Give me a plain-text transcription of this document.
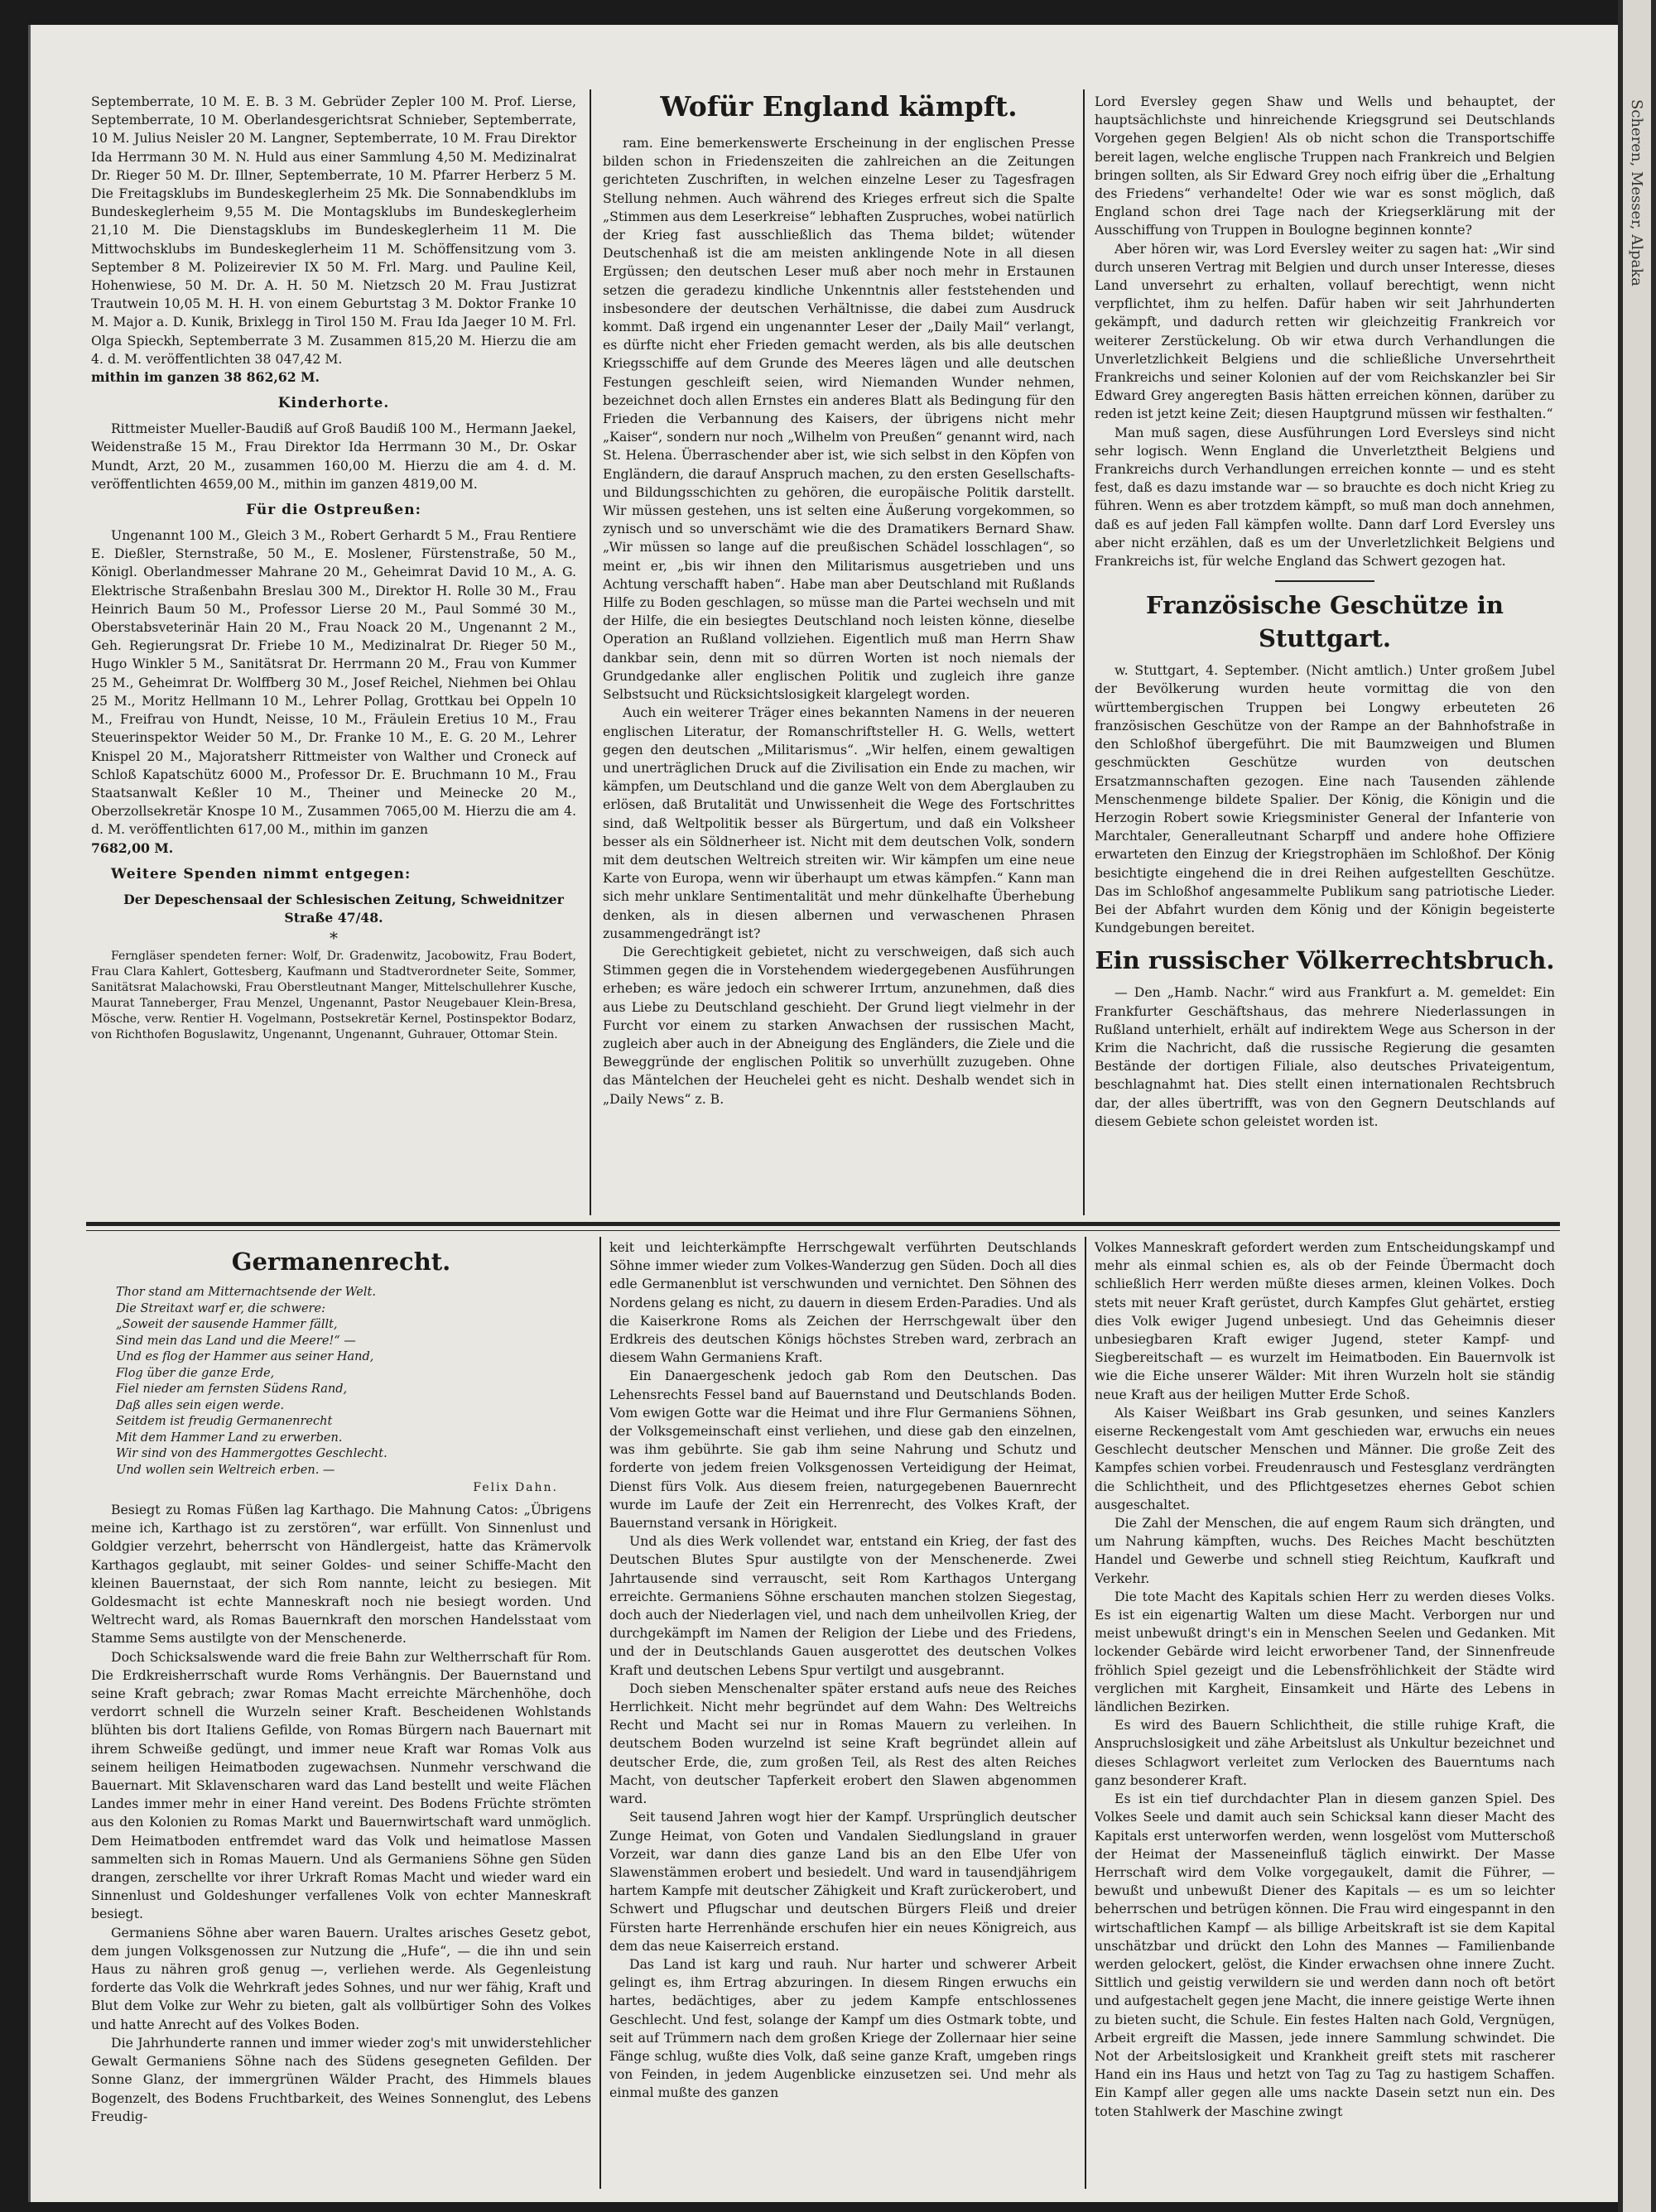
Scheren, Messer, Alpaka

Septemberrate, 10 M. E. B. 3 M. Gebrüder Zepler 100 M. Prof. Lierse, Septemberrate, 10 M. Oberlandesgerichtsrat Schnieber, Septemberrate, 10 M. Julius Neisler 20 M. Langner, Septemberrate, 10 M. Frau Direktor Ida Herrmann 30 M. N. Huld aus einer Sammlung 4,50 M. Medizinalrat Dr. Rieger 50 M. Dr. Illner, Septemberrate, 10 M. Pfarrer Herberz 5 M. Die Freitagsklubs im Bundeskeglerheim 25 Mk. Die Sonnabendklubs im Bundeskeglerheim 9,55 M. Die Montagsklubs im Bundeskeglerheim 21,10 M. Die Dienstagsklubs im Bundeskeglerheim 11 M. Die Mittwochsklubs im Bundeskeglerheim 11 M. Schöffensitzung vom 3. September 8 M. Polizeirevier IX 50 M. Frl. Marg. und Pauline Keil, Hohenwiese, 50 M. Dr. A. H. 50 M. Nietzsch 20 M. Frau Justizrat Trautwein 10,05 M. H. H. von einem Geburtstag 3 M. Doktor Franke 10 M. Major a. D. Kunik, Brixlegg in Tirol 150 M. Frau Ida Jaeger 10 M. Frl. Olga Spieckh, Septemberrate 3 M. Zusammen 815,20 M. Hierzu die am 4. d. M. veröffentlichten 38 047,42 M.

mithin im ganzen 38 862,62 M.

Kinderhorte.

Rittmeister Mueller-Baudiß auf Groß Baudiß 100 M., Hermann Jaekel, Weidenstraße 15 M., Frau Direktor Ida Herrmann 30 M., Dr. Oskar Mundt, Arzt, 20 M., zusammen 160,00 M. Hierzu die am 4. d. M. veröffentlichten 4659,00 M., mithin im ganzen 4819,00 M.

Für die Ostpreußen:

Ungenannt 100 M., Gleich 3 M., Robert Gerhardt 5 M., Frau Rentiere E. Dießler, Sternstraße, 50 M., E. Moslener, Fürstenstraße, 50 M., Königl. Oberlandmesser Mahrane 20 M., Geheimrat David 10 M., A. G. Elektrische Straßenbahn Breslau 300 M., Direktor H. Rolle 30 M., Frau Heinrich Baum 50 M., Professor Lierse 20 M., Paul Sommé 30 M., Oberstabsveterinär Hain 20 M., Frau Noack 20 M., Ungenannt 2 M., Geh. Regierungsrat Dr. Friebe 10 M., Medizinalrat Dr. Rieger 50 M., Hugo Winkler 5 M., Sanitätsrat Dr. Herrmann 20 M., Frau von Kummer 25 M., Geheimrat Dr. Wolffberg 30 M., Josef Reichel, Niehmen bei Ohlau 25 M., Moritz Hellmann 10 M., Lehrer Pollag, Grottkau bei Oppeln 10 M., Freifrau von Hundt, Neisse, 10 M., Fräulein Eretius 10 M., Frau Steuerinspektor Weider 50 M., Dr. Franke 10 M., E. G. 20 M., Lehrer Knispel 20 M., Majoratsherr Rittmeister von Walther und Croneck auf Schloß Kapatschütz 6000 M., Professor Dr. E. Bruchmann 10 M., Frau Staatsanwalt Keßler 10 M., Theiner und Meinecke 20 M., Oberzollsekretär Knospe 10 M., Zusammen 7065,00 M. Hierzu die am 4. d. M. veröffentlichten 617,00 M., mithin im ganzen

7682,00 M.

Weitere Spenden nimmt entgegen:

Der Depeschensaal der Schlesischen Zeitung, Schweidnitzer Straße 47/48.

*

Ferngläser spendeten ferner: Wolf, Dr. Gradenwitz, Jacobowitz, Frau Bodert, Frau Clara Kahlert, Gottesberg, Kaufmann und Stadtverordneter Seite, Sommer, Sanitätsrat Malachowski, Frau Oberstleutnant Manger, Mittelschullehrer Kusche, Maurat Tanneberger, Frau Menzel, Ungenannt, Pastor Neugebauer Klein-Bresa, Mösche, verw. Rentier H. Vogelmann, Postsekretär Kernel, Postinspektor Bodarz, von Richthofen Boguslawitz, Ungenannt, Ungenannt, Guhrauer, Ottomar Stein.

Wofür England kämpft.

ram. Eine bemerkenswerte Erscheinung in der englischen Presse bilden schon in Friedenszeiten die zahlreichen an die Zeitungen gerichteten Zuschriften, in welchen einzelne Leser zu Tagesfragen Stellung nehmen. Auch während des Krieges erfreut sich die Spalte „Stimmen aus dem Leserkreise“ lebhaften Zuspruches, wobei natürlich der Krieg fast ausschließlich das Thema bildet; wütender Deutschenhaß ist die am meisten anklingende Note in all diesen Ergüssen; den deutschen Leser muß aber noch mehr in Erstaunen setzen die geradezu kindliche Unkenntnis aller feststehenden und insbesondere der deutschen Verhältnisse, die dabei zum Ausdruck kommt. Daß irgend ein ungenannter Leser der „Daily Mail“ verlangt, es dürfte nicht eher Frieden gemacht werden, als bis alle deutschen Kriegsschiffe auf dem Grunde des Meeres lägen und alle deutschen Festungen geschleift seien, wird Niemanden Wunder nehmen, bezeichnet doch allen Ernstes ein anderes Blatt als Bedingung für den Frieden die Verbannung des Kaisers, der übrigens nicht mehr „Kaiser“, sondern nur noch „Wilhelm von Preußen“ genannt wird, nach St. Helena. Überraschender aber ist, wie sich selbst in den Köpfen von Engländern, die darauf Anspruch machen, zu den ersten Gesellschafts- und Bildungsschichten zu gehören, die europäische Politik darstellt. Wir müssen gestehen, uns ist selten eine Äußerung vorgekommen, so zynisch und so unverschämt wie die des Dramatikers Bernard Shaw. „Wir müssen so lange auf die preußischen Schädel losschlagen“, so meint er, „bis wir ihnen den Militarismus ausgetrieben und uns Achtung verschafft haben“. Habe man aber Deutschland mit Rußlands Hilfe zu Boden geschlagen, so müsse man die Partei wechseln und mit der Hilfe, die ein besiegtes Deutschland noch leisten könne, dieselbe Operation an Rußland vollziehen. Eigentlich muß man Herrn Shaw dankbar sein, denn mit so dürren Worten ist noch niemals der Grundgedanke aller englischen Politik und zugleich ihre ganze Selbstsucht und Rücksichtslosigkeit klargelegt worden.

Auch ein weiterer Träger eines bekannten Namens in der neueren englischen Literatur, der Romanschriftsteller H. G. Wells, wettert gegen den deutschen „Militarismus“. „Wir helfen, einem gewaltigen und unerträglichen Druck auf die Zivilisation ein Ende zu machen, wir kämpfen, um Deutschland und die ganze Welt von dem Aberglauben zu erlösen, daß Brutalität und Unwissenheit die Wege des Fortschrittes sind, daß Weltpolitik besser als Bürgertum, und daß ein Volksheer besser als ein Söldnerheer ist. Nicht mit dem deutschen Volk, sondern mit dem deutschen Weltreich streiten wir. Wir kämpfen um eine neue Karte von Europa, wenn wir überhaupt um etwas kämpfen.“ Kann man sich mehr unklare Sentimentalität und mehr dünkelhafte Überhebung denken, als in diesen albernen und verwaschenen Phrasen zusammengedrängt ist?

Die Gerechtigkeit gebietet, nicht zu verschweigen, daß sich auch Stimmen gegen die in Vorstehendem wiedergegebenen Ausführungen erheben; es wäre jedoch ein schwerer Irrtum, anzunehmen, daß dies aus Liebe zu Deutschland geschieht. Der Grund liegt vielmehr in der Furcht vor einem zu starken Anwachsen der russischen Macht, zugleich aber auch in der Abneigung des Engländers, die Ziele und die Beweggründe der englischen Politik so unverhüllt zuzugeben. Ohne das Mäntelchen der Heuchelei geht es nicht. Deshalb wendet sich in „Daily News“ z. B.

Lord Eversley gegen Shaw und Wells und behauptet, der hauptsächlichste und hinreichende Kriegsgrund sei Deutschlands Vorgehen gegen Belgien! Als ob nicht schon die Transportschiffe bereit lagen, welche englische Truppen nach Frankreich und Belgien bringen sollten, als Sir Edward Grey noch eifrig über die „Erhaltung des Friedens“ verhandelte! Oder wie war es sonst möglich, daß England schon drei Tage nach der Kriegserklärung mit der Ausschiffung von Truppen in Boulogne beginnen konnte?

Aber hören wir, was Lord Eversley weiter zu sagen hat: „Wir sind durch unseren Vertrag mit Belgien und durch unser Interesse, dieses Land unversehrt zu erhalten, vollauf berechtigt, wenn nicht verpflichtet, ihm zu helfen. Dafür haben wir seit Jahrhunderten gekämpft, und dadurch retten wir gleichzeitig Frankreich vor weiterer Zerstückelung. Ob wir etwa durch Verhandlungen die Unverletzlichkeit Belgiens und die schließliche Unversehrtheit Frankreichs und seiner Kolonien auf der vom Reichskanzler bei Sir Edward Grey angeregten Basis hätten erreichen können, darüber zu reden ist jetzt keine Zeit; diesen Hauptgrund müssen wir festhalten.“

Man muß sagen, diese Ausführungen Lord Eversleys sind nicht sehr logisch. Wenn England die Unverletztheit Belgiens und Frankreichs durch Verhandlungen erreichen konnte — und es steht fest, daß es dazu imstande war — so brauchte es doch nicht Krieg zu führen. Wenn es aber trotzdem kämpft, so muß man doch annehmen, daß es auf jeden Fall kämpfen wollte. Dann darf Lord Eversley uns aber nicht erzählen, daß es um der Unverletzlichkeit Belgiens und Frankreichs ist, für welche England das Schwert gezogen hat.

Französische Geschütze in Stuttgart.

w. Stuttgart, 4. September. (Nicht amtlich.) Unter großem Jubel der Bevölkerung wurden heute vormittag die von den württembergischen Truppen bei Longwy erbeuteten 26 französischen Geschütze von der Rampe an der Bahnhofstraße in den Schloßhof übergeführt. Die mit Baumzweigen und Blumen geschmückten Geschütze wurden von deutschen Ersatzmannschaften gezogen. Eine nach Tausenden zählende Menschenmenge bildete Spalier. Der König, die Königin und die Herzogin Robert sowie Kriegsminister General der Infanterie von Marchtaler, Generalleutnant Scharpff und andere hohe Offiziere erwarteten den Einzug der Kriegstrophäen im Schloßhof. Der König besichtigte eingehend die in drei Reihen aufgestellten Geschütze. Das im Schloßhof angesammelte Publikum sang patriotische Lieder. Bei der Abfahrt wurden dem König und der Königin begeisterte Kundgebungen bereitet.

Ein russischer Völkerrechtsbruch.

— Den „Hamb. Nachr.“ wird aus Frankfurt a. M. gemeldet: Ein Frankfurter Geschäftshaus, das mehrere Niederlassungen in Rußland unterhielt, erhält auf indirektem Wege aus Scherson in der Krim die Nachricht, daß die russische Regierung die gesamten Bestände der dortigen Filiale, also deutsches Privateigentum, beschlagnahmt hat. Dies stellt einen internationalen Rechtsbruch dar, der alles übertrifft, was von den Gegnern Deutschlands auf diesem Gebiete schon geleistet worden ist.

Germanenrecht.
Thor stand am Mitternachtsende der Welt.
Die Streitaxt warf er, die schwere:
„Soweit der sausende Hammer fällt,
Sind mein das Land und die Meere!“ —
Und es flog der Hammer aus seiner Hand,
Flog über die ganze Erde,
Fiel nieder am fernsten Südens Rand,
Daß alles sein eigen werde.
Seitdem ist freudig Germanenrecht
Mit dem Hammer Land zu erwerben.
Wir sind von des Hammergottes Geschlecht.
Und wollen sein Weltreich erben. —
Felix Dahn.

Besiegt zu Romas Füßen lag Karthago. Die Mahnung Catos: „Übrigens meine ich, Karthago ist zu zerstören“, war erfüllt. Von Sinnenlust und Goldgier verzehrt, beherrscht von Händlergeist, hatte das Krämervolk Karthagos geglaubt, mit seiner Goldes- und seiner Schiffe-Macht den kleinen Bauernstaat, der sich Rom nannte, leicht zu besiegen. Mit Goldesmacht ist echte Manneskraft noch nie besiegt worden. Und Weltrecht ward, als Romas Bauernkraft den morschen Handelsstaat vom Stamme Sems austilgte von der Menschenerde.

Doch Schicksalswende ward die freie Bahn zur Weltherrschaft für Rom. Die Erdkreisherrschaft wurde Roms Verhängnis. Der Bauernstand und seine Kraft gebrach; zwar Romas Macht erreichte Märchenhöhe, doch verdorrt schnell die Wurzeln seiner Kraft. Bescheidenen Wohlstands blühten bis dort Italiens Gefilde, von Romas Bürgern nach Bauernart mit ihrem Schweiße gedüngt, und immer neue Kraft war Romas Volk aus seinem heiligen Heimatboden zugewachsen. Nunmehr verschwand die Bauernart. Mit Sklavenscharen ward das Land bestellt und weite Flächen Landes immer mehr in einer Hand vereint. Des Bodens Früchte strömten aus den Kolonien zu Romas Markt und Bauernwirtschaft ward unmöglich. Dem Heimatboden entfremdet ward das Volk und heimatlose Massen sammelten sich in Romas Mauern. Und als Germaniens Söhne gen Süden drangen, zerschellte vor ihrer Urkraft Romas Macht und wieder ward ein Sinnenlust und Goldeshunger verfallenes Volk von echter Manneskraft besiegt.

Germaniens Söhne aber waren Bauern. Uraltes arisches Gesetz gebot, dem jungen Volksgenossen zur Nutzung die „Hufe“, — die ihn und sein Haus zu nähren groß genug —, verliehen werde. Als Gegenleistung forderte das Volk die Wehrkraft jedes Sohnes, und nur wer fähig, Kraft und Blut dem Volke zur Wehr zu bieten, galt als vollbürtiger Sohn des Volkes und hatte Anrecht auf des Volkes Boden.

Die Jahrhunderte rannen und immer wieder zog's mit unwiderstehlicher Gewalt Germaniens Söhne nach des Südens gesegneten Gefilden. Der Sonne Glanz, der immergrünen Wälder Pracht, des Himmels blaues Bogenzelt, des Bodens Fruchtbarkeit, des Weines Sonnenglut, des Lebens Freudig-

keit und leichterkämpfte Herrschgewalt verführten Deutschlands Söhne immer wieder zum Volkes-Wanderzug gen Süden. Doch all dies edle Germanenblut ist verschwunden und vernichtet. Den Söhnen des Nordens gelang es nicht, zu dauern in diesem Erden-Paradies. Und als die Kaiserkrone Roms als Zeichen der Herrschgewalt über den Erdkreis des deutschen Königs höchstes Streben ward, zerbrach an diesem Wahn Germaniens Kraft.

Ein Danaergeschenk jedoch gab Rom den Deutschen. Das Lehensrechts Fessel band auf Bauernstand und Deutschlands Boden. Vom ewigen Gotte war die Heimat und ihre Flur Germaniens Söhnen, der Volksgemeinschaft einst verliehen, und diese gab den einzelnen, was ihm gebührte. Sie gab ihm seine Nahrung und Schutz und forderte von jedem freien Volksgenossen Verteidigung der Heimat, Dienst fürs Volk. Aus diesem freien, naturgegebenen Bauernrecht wurde im Laufe der Zeit ein Herrenrecht, des Volkes Kraft, der Bauernstand versank in Hörigkeit.

Und als dies Werk vollendet war, entstand ein Krieg, der fast des Deutschen Blutes Spur austilgte von der Menschenerde. Zwei Jahrtausende sind verrauscht, seit Rom Karthagos Untergang erreichte. Germaniens Söhne erschauten manchen stolzen Siegestag, doch auch der Niederlagen viel, und nach dem unheilvollen Krieg, der durchgekämpft im Namen der Religion der Liebe und des Friedens, und der in Deutschlands Gauen ausgerottet des deutschen Volkes Kraft und deutschen Lebens Spur vertilgt und ausgebrannt.

Doch sieben Menschenalter später erstand aufs neue des Reiches Herrlichkeit. Nicht mehr begründet auf dem Wahn: Des Weltreichs Recht und Macht sei nur in Romas Mauern zu verleihen. In deutschem Boden wurzelnd ist seine Kraft begründet allein auf deutscher Erde, die, zum großen Teil, als Rest des alten Reiches Macht, von deutscher Tapferkeit erobert den Slawen abgenommen ward.

Seit tausend Jahren wogt hier der Kampf. Ursprünglich deutscher Zunge Heimat, von Goten und Vandalen Siedlungsland in grauer Vorzeit, war dann dies ganze Land bis an den Elbe Ufer von Slawenstämmen erobert und besiedelt. Und ward in tausendjährigem hartem Kampfe mit deutscher Zähigkeit und Kraft zurückerobert, und Schwert und Pflugschar und deutschen Bürgers Fleiß und dreier Fürsten harte Herrenhände erschufen hier ein neues Königreich, aus dem das neue Kaiserreich erstand.

Das Land ist karg und rauh. Nur harter und schwerer Arbeit gelingt es, ihm Ertrag abzuringen. In diesem Ringen erwuchs ein hartes, bedächtiges, aber zu jedem Kampfe entschlossenes Geschlecht. Und fest, solange der Kampf um dies Ostmark tobte, und seit auf Trümmern nach dem großen Kriege der Zollernaar hier seine Fänge schlug, wußte dies Volk, daß seine ganze Kraft, umgeben rings von Feinden, in jedem Augenblicke einzusetzen sei. Und mehr als einmal mußte des ganzen

Volkes Manneskraft gefordert werden zum Entscheidungskampf und mehr als einmal schien es, als ob der Feinde Übermacht doch schließlich Herr werden müßte dieses armen, kleinen Volkes. Doch stets mit neuer Kraft gerüstet, durch Kampfes Glut gehärtet, erstieg dies Volk ewiger Jugend unbesiegt. Und das Geheimnis dieser unbesiegbaren Kraft ewiger Jugend, steter Kampf- und Siegbereitschaft — es wurzelt im Heimatboden. Ein Bauernvolk ist wie die Eiche unserer Wälder: Mit ihren Wurzeln holt sie ständig neue Kraft aus der heiligen Mutter Erde Schoß.

Als Kaiser Weißbart ins Grab gesunken, und seines Kanzlers eiserne Reckengestalt vom Amt geschieden war, erwuchs ein neues Geschlecht deutscher Menschen und Männer. Die große Zeit des Kampfes schien vorbei. Freudenrausch und Festesglanz verdrängten die Schlichtheit, und des Pflichtgesetzes ehernes Gebot schien ausgeschaltet.

Die Zahl der Menschen, die auf engem Raum sich drängten, und um Nahrung kämpften, wuchs. Des Reiches Macht beschützten Handel und Gewerbe und schnell stieg Reichtum, Kaufkraft und Verkehr.

Die tote Macht des Kapitals schien Herr zu werden dieses Volks. Es ist ein eigenartig Walten um diese Macht. Verborgen nur und meist unbewußt dringt's ein in Menschen Seelen und Gedanken. Mit lockender Gebärde wird leicht erworbener Tand, der Sinnenfreude fröhlich Spiel gezeigt und die Lebensfröhlichkeit der Städte wird verglichen mit Kargheit, Einsamkeit und Härte des Lebens in ländlichen Bezirken.

Es wird des Bauern Schlichtheit, die stille ruhige Kraft, die Anspruchslosigkeit und zähe Arbeitslust als Unkultur bezeichnet und dieses Schlagwort verleitet zum Verlocken des Bauerntums nach ganz besonderer Kraft.

Es ist ein tief durchdachter Plan in diesem ganzen Spiel. Des Volkes Seele und damit auch sein Schicksal kann dieser Macht des Kapitals erst unterworfen werden, wenn losgelöst vom Mutterschoß der Heimat der Masseneinfluß täglich einwirkt. Der Masse Herrschaft wird dem Volke vorgegaukelt, damit die Führer, — bewußt und unbewußt Diener des Kapitals — es um so leichter beherrschen und betrügen können. Die Frau wird eingespannt in den wirtschaftlichen Kampf — als billige Arbeitskraft ist sie dem Kapital unschätzbar und drückt den Lohn des Mannes — Familienbande werden gelockert, gelöst, die Kinder erwachsen ohne innere Zucht. Sittlich und geistig verwildern sie und werden dann noch oft betört und aufgestachelt gegen jene Macht, die innere geistige Werte ihnen zu bieten sucht, die Schule. Ein festes Halten nach Gold, Vergnügen, Arbeit ergreift die Massen, jede innere Sammlung schwindet. Die Not der Arbeitslosigkeit und Krankheit greift stets mit rascherer Hand ein ins Haus und hetzt von Tag zu Tag zu hastigem Schaffen. Ein Kampf aller gegen alle ums nackte Dasein setzt nun ein. Des toten Stahlwerk der Maschine zwingt
